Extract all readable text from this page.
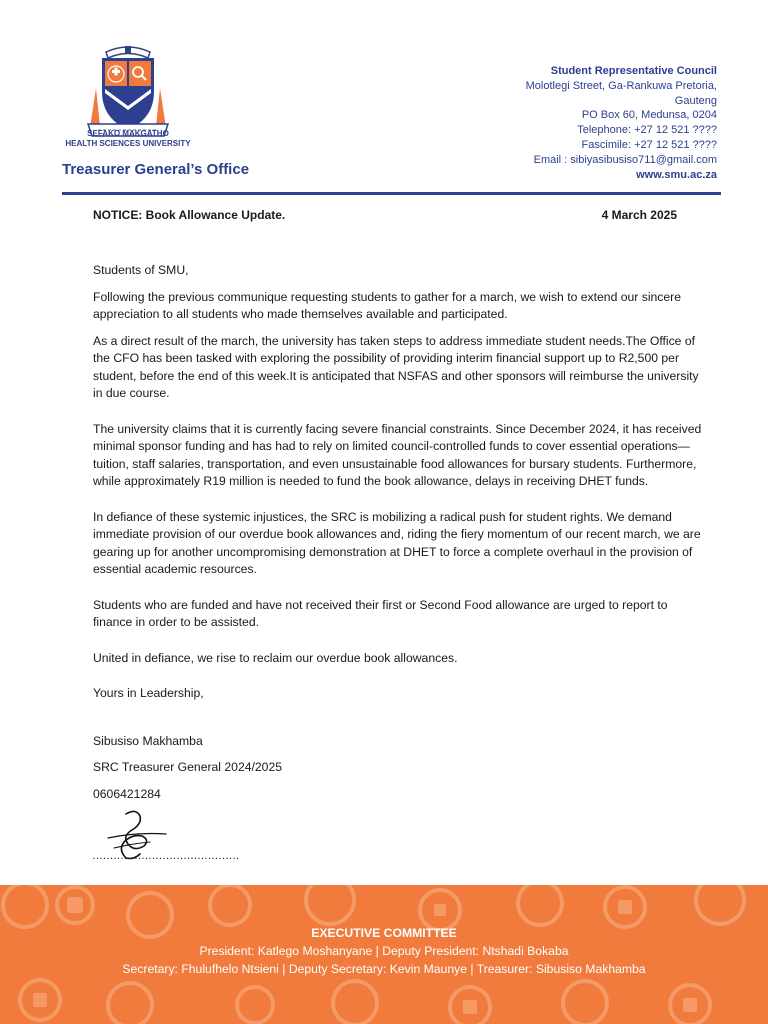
SEFAKO MAKGATHO
HEALTH SCIENCES UNIVERSITY
Treasurer General’s Office
Student Representative Council
Molotlegi Street, Ga-Rankuwa Pretoria,
Gauteng
PO Box 60, Medunsa, 0204
Telephone: +27 12 521 ????
Fascimile: +27 12 521 ????
Email : sibiyasibusiso711@gmail.com
www.smu.ac.za
NOTICE: Book Allowance Update.	4 March 2025

Students of SMU,

Following the previous communique requesting students to gather for a march, we wish to extend our sincere appreciation to all students who made themselves available and participated.

As a direct result of the march, the university has taken steps to address immediate student needs.The Office of the CFO has been tasked with exploring the possibility of providing interim financial support up to R2,500 per student, before the end of this week.It is anticipated that NSFAS and other sponsors will reimburse the university in due course.

The university claims that it is currently facing severe financial constraints. Since December 2024, it has received minimal sponsor funding and has had to rely on limited council-controlled funds to cover essential operations—tuition, staff salaries, transportation, and even unsustainable food allowances for bursary students. Furthermore, while approximately R19 million is needed to fund the book allowance, delays in receiving DHET funds.

In defiance of these systemic injustices, the SRC is mobilizing a radical push for student rights. We demand immediate provision of our overdue book allowances and, riding the fiery momentum of our recent march, we are gearing up for another uncompromising demonstration at DHET to force a complete overhaul in the provision of essential academic resources.

Students who are funded and have not received their first or Second Food allowance are urged to report to finance in order to be assisted.

United in defiance, we rise to reclaim our overdue book allowances.

Yours in Leadership,

Sibusiso Makhamba

SRC Treasurer General 2024/2025

0606421284

……………………………………
EXECUTIVE COMMITTEE
President: Katlego Moshanyane | Deputy President: Ntshadi Bokaba
Secretary: Fhulufhelo Ntsieni | Deputy Secretary: Kevin Maunye | Treasurer: Sibusiso Makhamba
